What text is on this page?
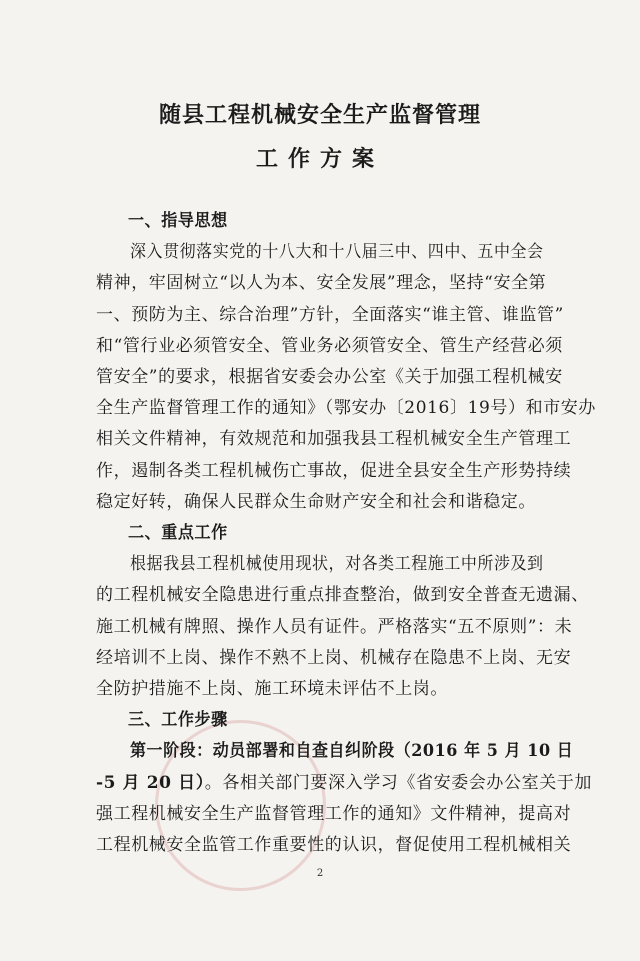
随县工程机械安全生产监督管理
工作方案
一、指导思想
深入贯彻落实党的十八大和十八届三中、四中、五中全会
精神，牢固树立“以人为本、安全发展”理念，坚持“安全第
一、预防为主、综合治理”方针，全面落实“谁主管、谁监管”
和“管行业必须管安全、管业务必须管安全、管生产经营必须
管安全”的要求，根据省安委会办公室《关于加强工程机械安
全生产监督管理工作的通知》（鄂安办〔2016〕19号）和市安办
相关文件精神，有效规范和加强我县工程机械安全生产管理工
作，遏制各类工程机械伤亡事故，促进全县安全生产形势持续
稳定好转，确保人民群众生命财产安全和社会和谐稳定。
二、重点工作
根据我县工程机械使用现状，对各类工程施工中所涉及到
的工程机械安全隐患进行重点排查整治，做到安全普查无遗漏、
施工机械有牌照、操作人员有证件。严格落实“五不原则”：未
经培训不上岗、操作不熟不上岗、机械存在隐患不上岗、无安
全防护措施不上岗、施工环境未评估不上岗。
三、工作步骤
第一阶段：动员部署和自查自纠阶段（2016 年 5 月 10 日
-5 月 20 日）。各相关部门要深入学习《省安委会办公室关于加
强工程机械安全生产监督管理工作的通知》文件精神，提高对
工程机械安全监管工作重要性的认识，督促使用工程机械相关
2
